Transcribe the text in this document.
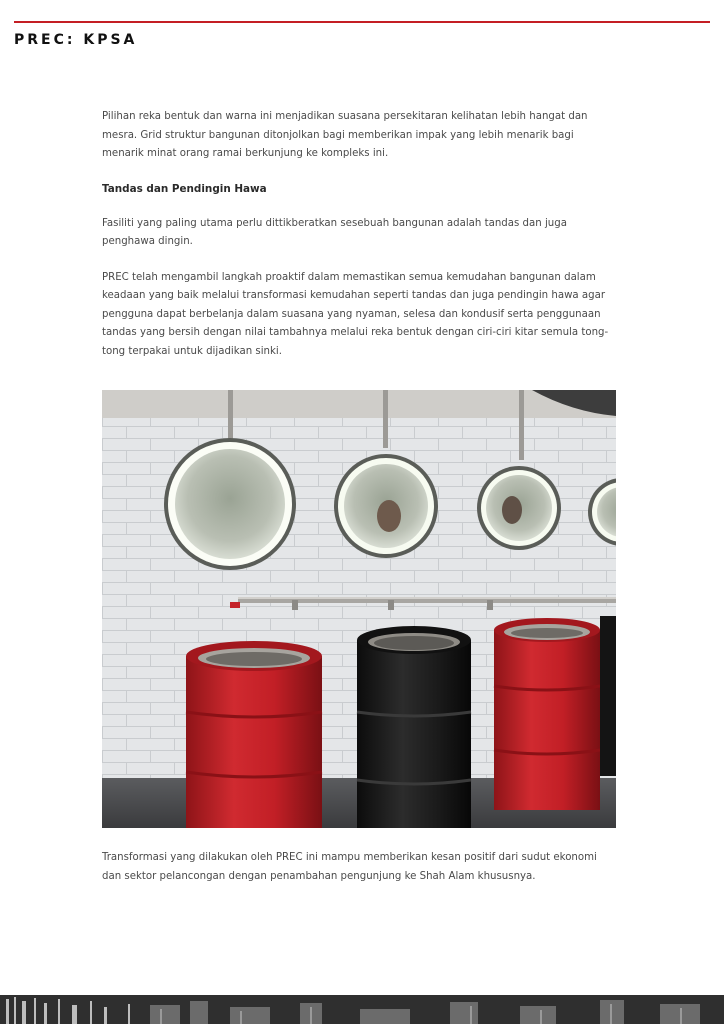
PREC: KPSA

Pilihan reka bentuk dan warna ini menjadikan suasana persekitaran kelihatan lebih hangat dan mesra. Grid struktur bangunan ditonjolkan bagi memberikan impak yang lebih menarik bagi menarik minat orang ramai berkunjung ke kompleks ini.

Tandas dan Pendingin Hawa

Fasiliti yang paling utama perlu dittikberatkan sesebuah bangunan adalah tandas dan juga penghawa dingin.

PREC telah mengambil langkah proaktif dalam memastikan semua kemudahan bangunan dalam keadaan yang baik melalui transformasi kemudahan seperti tandas dan juga pendingin hawa agar pengguna dapat berbelanja dalam suasana yang nyaman, selesa dan kondusif serta penggunaan tandas yang bersih dengan nilai tambahnya melalui reka bentuk dengan ciri-ciri kitar semula tong-tong terpakai untuk dijadikan sinki.

Transformasi yang dilakukan oleh PREC ini mampu memberikan kesan positif dari sudut ekonomi dan sektor pelancongan dengan penambahan pengunjung ke Shah Alam khususnya.
